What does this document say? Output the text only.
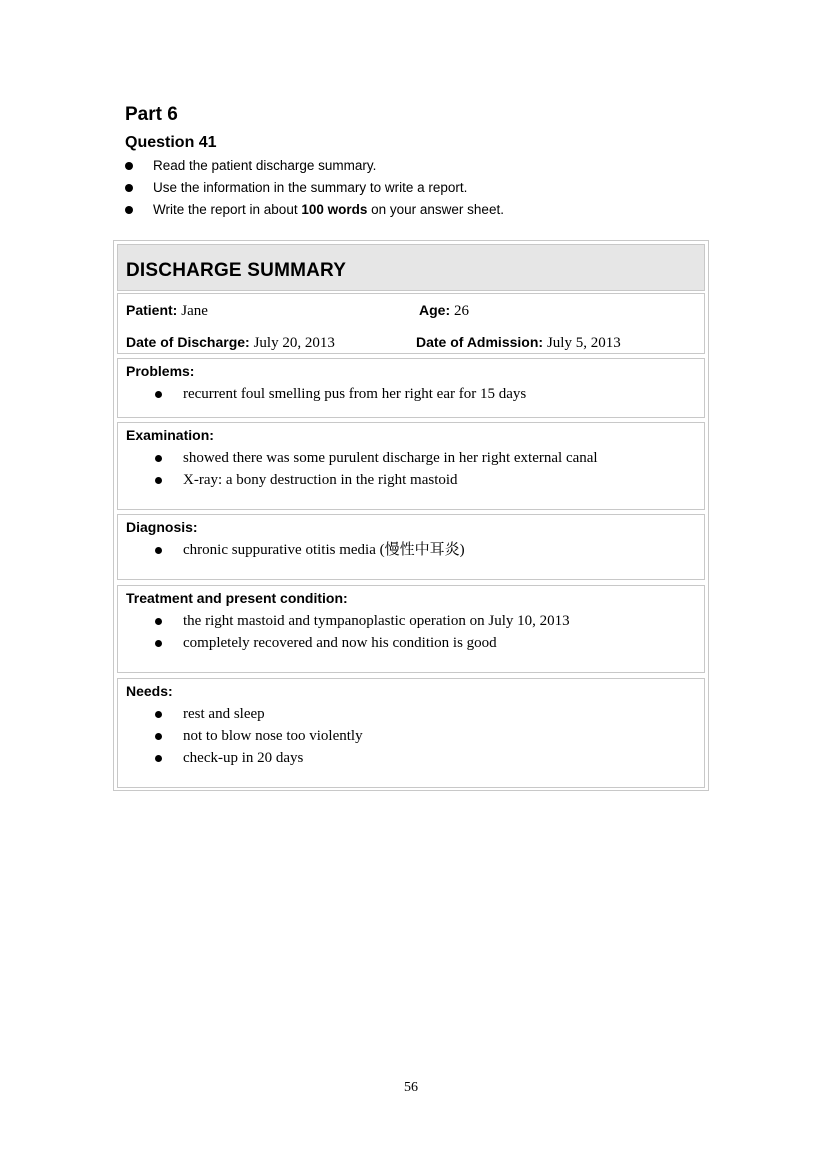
Part 6
Question 41
Read the patient discharge summary.
Use the information in the summary to write a report.
Write the report in about 100 words on your answer sheet.
DISCHARGE SUMMARY
Patient: Jane	Age: 26
Date of Discharge: July 20, 2013	Date of Admission: July 5, 2013
Problems:
recurrent foul smelling pus from her right ear for 15 days
Examination:
showed there was some purulent discharge in her right external canal
X-ray: a bony destruction in the right mastoid
Diagnosis:
chronic suppurative otitis media (慢性中耳炎)
Treatment and present condition:
the right mastoid and tympanoplastic operation on July 10, 2013
completely recovered and now his condition is good
Needs:
rest and sleep
not to blow nose too violently
check-up in 20 days
56
